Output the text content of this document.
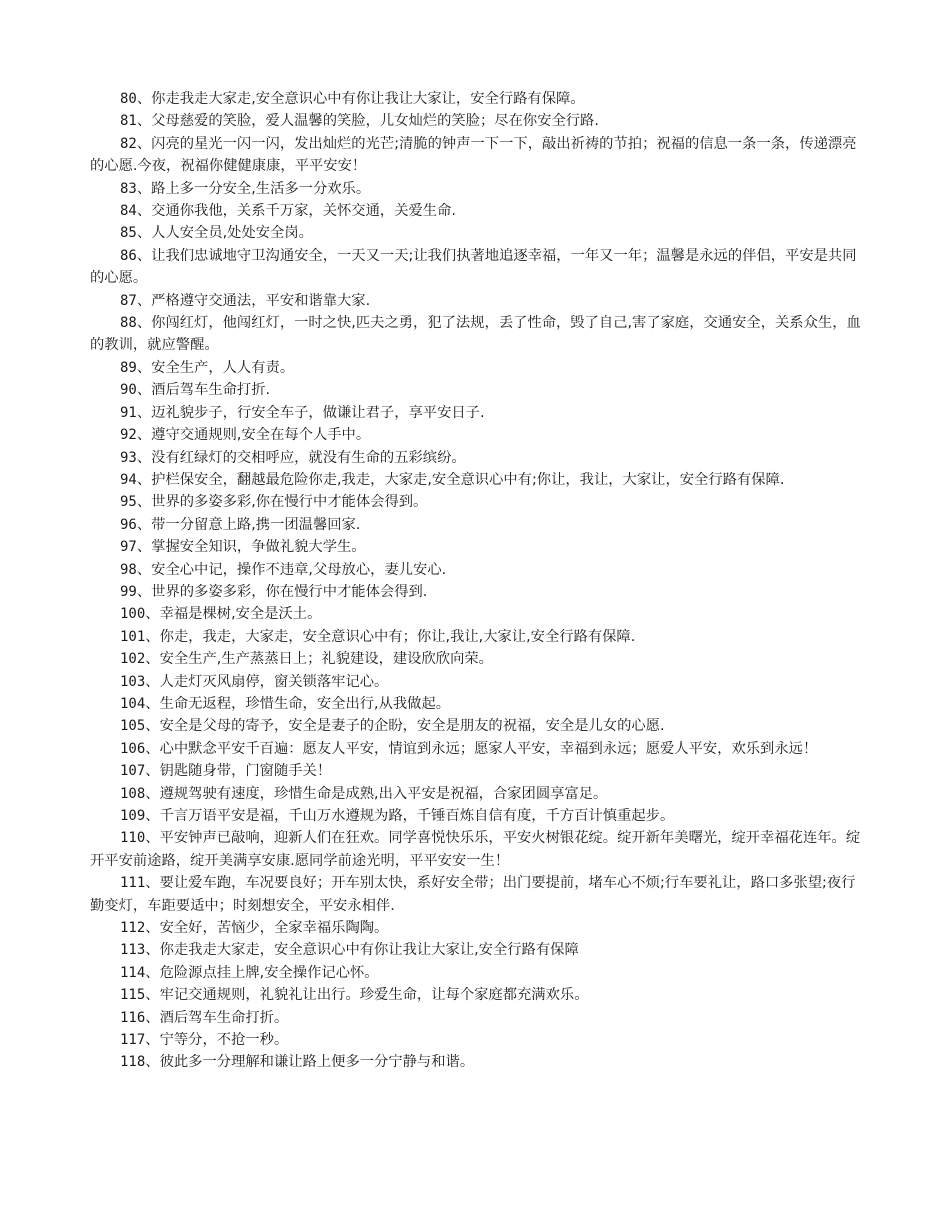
80、你走我走大家走,安全意识心中有你让我让大家让，安全行路有保障。

81、父母慈爱的笑脸，爱人温馨的笑脸，儿女灿烂的笑脸；尽在你安全行路.

82、闪亮的星光一闪一闪，发出灿烂的光芒;清脆的钟声一下一下，敲出祈祷的节拍；祝福的信息一条一条，传递漂亮的心愿.今夜，祝福你健健康康，平平安安！

83、路上多一分安全,生活多一分欢乐。

84、交通你我他，关系千万家，关怀交通，关爱生命.

85、人人安全员,处处安全岗。

86、让我们忠诚地守卫沟通安全，一天又一天;让我们执著地追逐幸福，一年又一年；温馨是永远的伴侣，平安是共同的心愿。

87、严格遵守交通法，平安和谐靠大家.

88、你闯红灯，他闯红灯，一时之快,匹夫之勇，犯了法规，丢了性命，毁了自己,害了家庭，交通安全，关系众生，血的教训，就应警醒。

89、安全生产，人人有责。

90、酒后驾车生命打折.

91、迈礼貌步子，行安全车子，做谦让君子，享平安日子.

92、遵守交通规则,安全在每个人手中。

93、没有红绿灯的交相呼应，就没有生命的五彩缤纷。

94、护栏保安全，翻越最危险你走,我走，大家走,安全意识心中有;你让，我让，大家让，安全行路有保障.

95、世界的多姿多彩,你在慢行中才能体会得到。

96、带一分留意上路,携一团温馨回家.

97、掌握安全知识，争做礼貌大学生。

98、安全心中记，操作不违章,父母放心，妻儿安心.

99、世界的多姿多彩，你在慢行中才能体会得到.

100、幸福是棵树,安全是沃土。

101、你走，我走，大家走，安全意识心中有；你让,我让,大家让,安全行路有保障.

102、安全生产,生产蒸蒸日上；礼貌建设，建设欣欣向荣。

103、人走灯灭风扇停，窗关锁落牢记心。

104、生命无返程，珍惜生命，安全出行,从我做起。

105、安全是父母的寄予，安全是妻子的企盼，安全是朋友的祝福，安全是儿女的心愿.

106、心中默念平安千百遍：愿友人平安，情谊到永远；愿家人平安，幸福到永远；愿爱人平安，欢乐到永远！

107、钥匙随身带，门窗随手关！

108、遵规驾驶有速度，珍惜生命是成熟,出入平安是祝福，合家团圆享富足。

109、千言万语平安是福，千山万水遵规为路，千锤百炼自信有度，千方百计慎重起步。

110、平安钟声已敲响，迎新人们在狂欢。同学喜悦快乐乐，平安火树银花绽。绽开新年美曙光，绽开幸福花连年。绽开平安前途路，绽开美满享安康.愿同学前途光明，平平安安一生！

111、要让爱车跑，车况要良好；开车别太快，系好安全带；出门要提前，堵车心不烦;行车要礼让，路口多张望;夜行勤变灯，车距要适中；时刻想安全，平安永相伴.

112、安全好，苦恼少，全家幸福乐陶陶。

113、你走我走大家走，安全意识心中有你让我让大家让,安全行路有保障

114、危险源点挂上牌,安全操作记心怀。

115、牢记交通规则，礼貌礼让出行。珍爱生命，让每个家庭都充满欢乐。

116、酒后驾车生命打折。

117、宁等分，不抢一秒。

118、彼此多一分理解和谦让路上便多一分宁静与和谐。
